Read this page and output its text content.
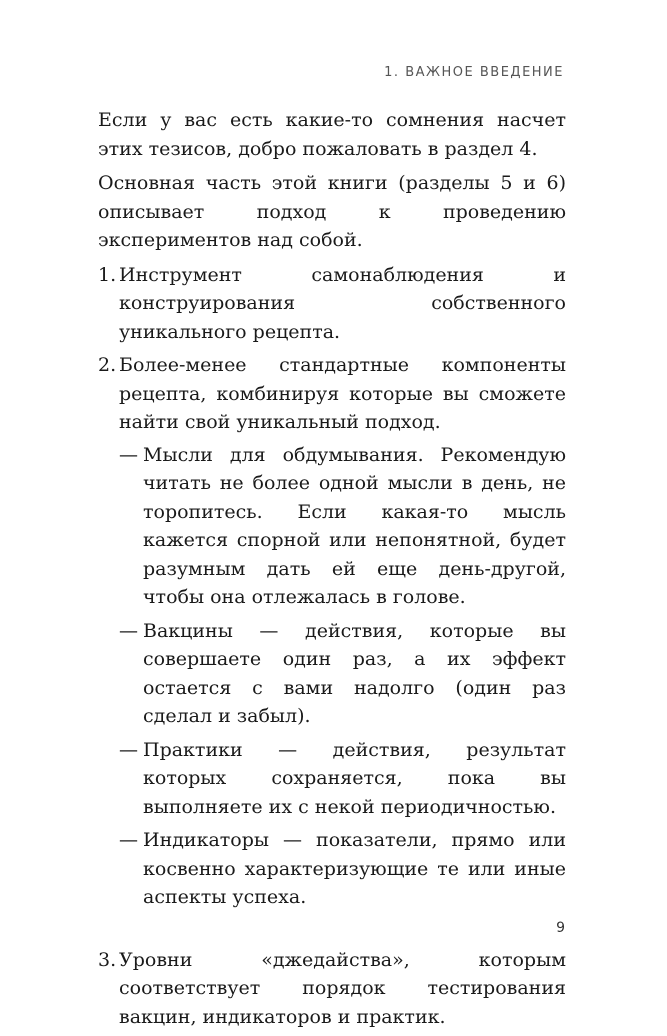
1. ВАЖНОЕ ВВЕДЕНИЕ

Если у вас есть какие-то сомнения насчет этих тезисов, добро пожаловать в раздел 4.

Основная часть этой книги (разделы 5 и 6) описывает подход к проведению экспериментов над собой.

1. Инструмент самонаблюдения и конструирования собственного уникального рецепта.
2. Более-менее стандартные компоненты рецепта, комбинируя которые вы сможете найти свой уникальный подход.
— Мысли для обдумывания. Рекомендую читать не более одной мысли в день, не торопитесь. Если какая-то мысль кажется спорной или непонятной, будет разумным дать ей еще день-другой, чтобы она отлежалась в голове.
— Вакцины — действия, которые вы совершаете один раз, а их эффект остается с вами надолго (один раз сделал и забыл).
— Практики — действия, результат которых сохраняется, пока вы выполняете их с некой периодичностью.
— Индикаторы — показатели, прямо или косвенно характеризующие те или иные аспекты успеха.
3. Уровни «джедайства», которым соответствует порядок тестирования вакцин, индикаторов и практик.
9
